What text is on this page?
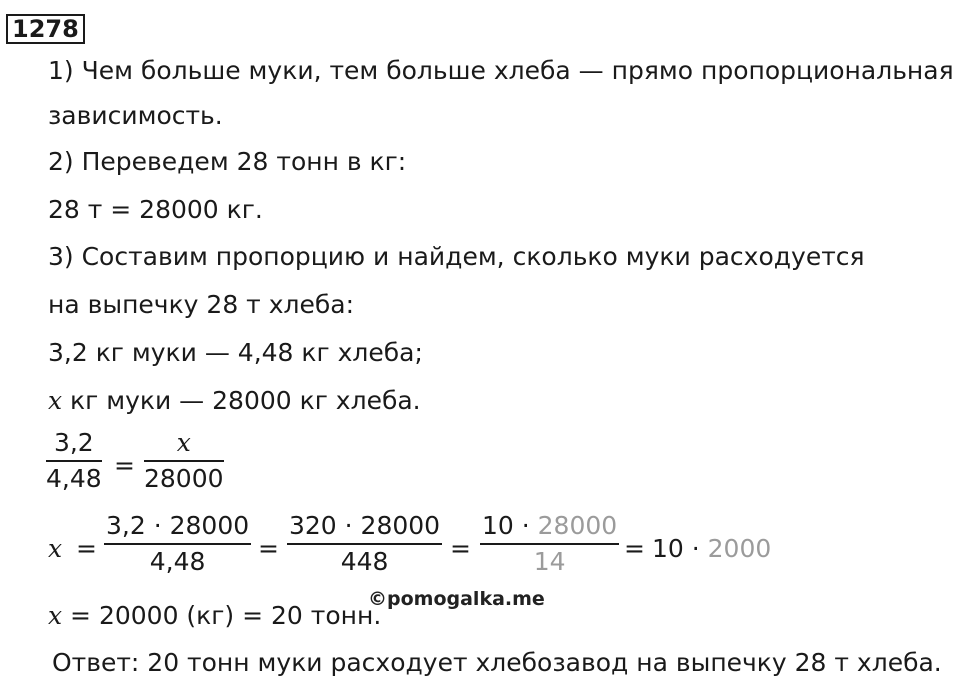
1278
1) Чем больше муки, тем больше хлеба — прямо пропорциональная
зависимость.
2) Переведем 28 тонн в кг:
28 т = 28000 кг.
3) Составим пропорцию и найдем, сколько муки расходуется
на выпечку 28 т хлеба:
3,2 кг муки — 4,48 кг хлеба;
x кг муки — 28000 кг хлеба.
3,2
4,48 =
x
28000
x =
3,2 · 28000
4,48 =
320 · 28000
448 =
10 · 28000
14 = 10 · 2000
©pomogalka.me
x = 20000 (кг) = 20 тонн.
Ответ: 20 тонн муки расходует хлебозавод на выпечку 28 т хлеба.
